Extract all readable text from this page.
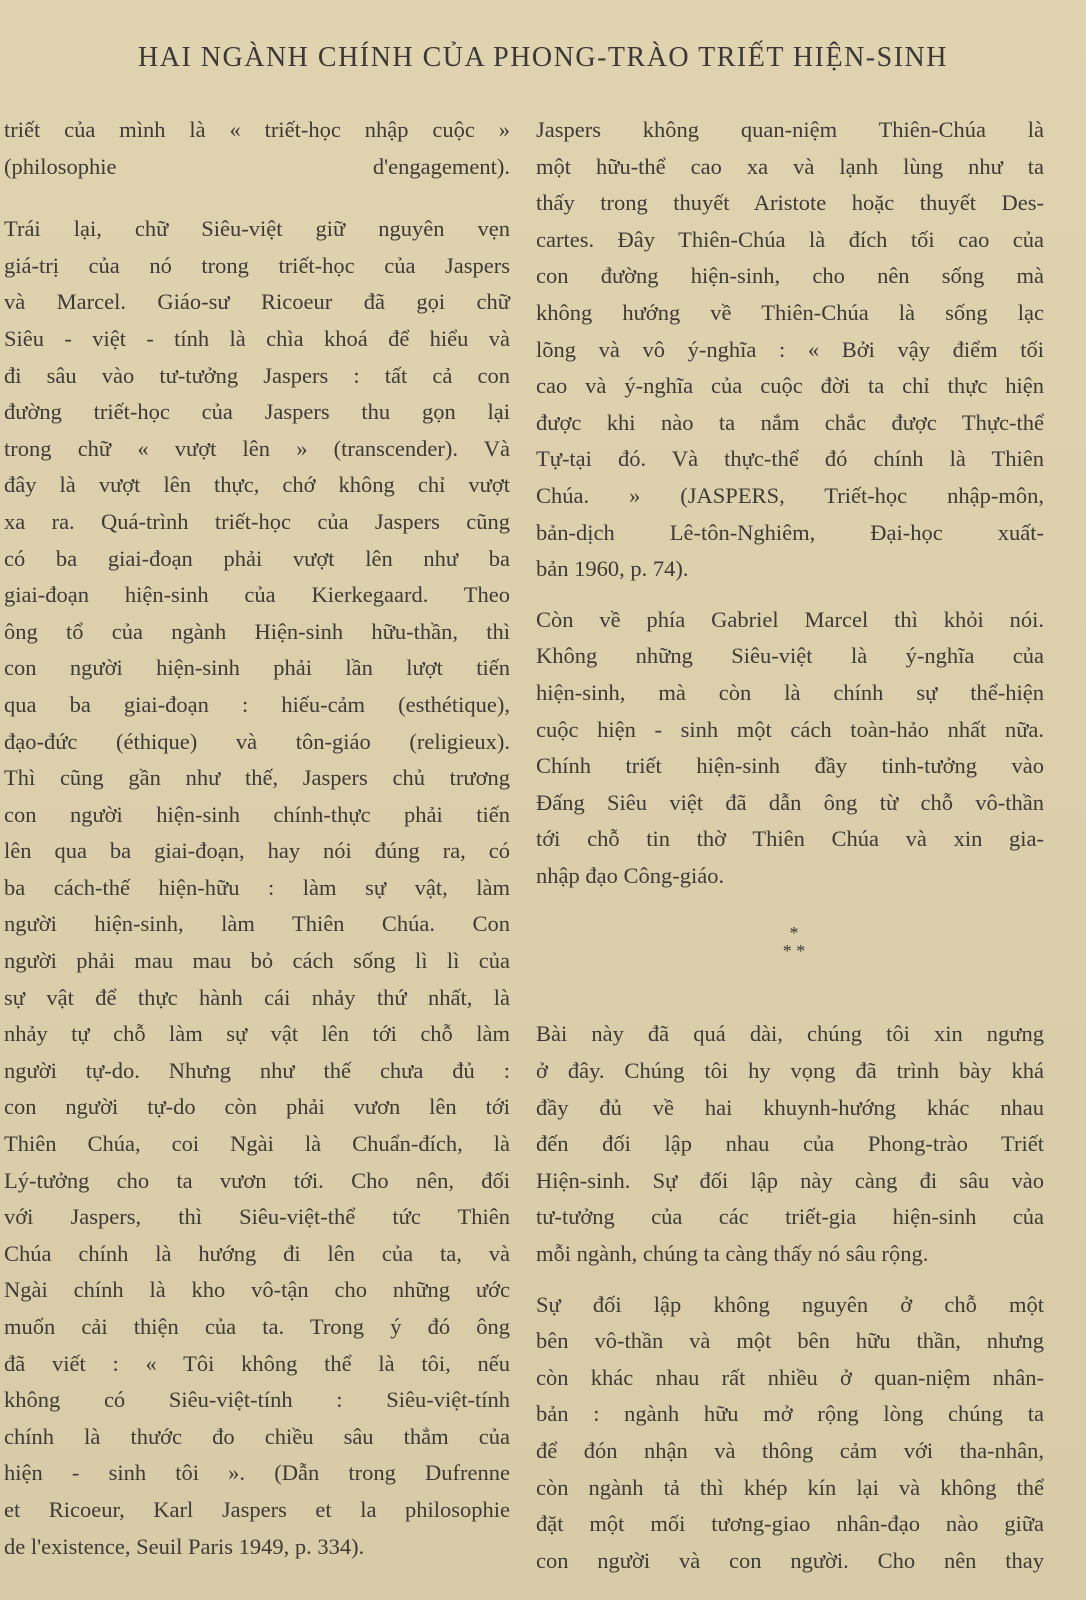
HAI NGÀNH CHÍNH CỦA PHONG-TRÀO TRIẾT HIỆN-SINH
triết của mình là « triết-học nhập cuộc »
(philosophie d'engagement).
Trái lại, chữ Siêu-việt giữ nguyên vẹn
giá-trị của nó trong triết-học của Jaspers
và Marcel. Giáo-sư Ricoeur đã gọi chữ
Siêu - việt - tính là chìa khoá để hiểu và
đi sâu vào tư-tưởng Jaspers : tất cả con
đường triết-học của Jaspers thu gọn lại
trong chữ « vượt lên » (transcender). Và
đây là vượt lên thực, chớ không chỉ vượt
xa ra. Quá-trình triết-học của Jaspers cũng
có ba giai-đoạn phải vượt lên như ba
giai-đoạn hiện-sinh của Kierkegaard. Theo
ông tổ của ngành Hiện-sinh hữu-thần, thì
con người hiện-sinh phải lần lượt tiến
qua ba giai-đoạn : hiếu-cảm (esthétique),
đạo-đức (éthique) và tôn-giáo (religieux).
Thì cũng gần như thế, Jaspers chủ trương
con người hiện-sinh chính-thực phải tiến
lên qua ba giai-đoạn, hay nói đúng ra, có
ba cách-thế hiện-hữu : làm sự vật, làm
người hiện-sinh, làm Thiên Chúa. Con
người phải mau mau bỏ cách sống lì lì của
sự vật để thực hành cái nhảy thứ nhất, là
nhảy tự chỗ làm sự vật lên tới chỗ làm
người tự-do. Nhưng như thế chưa đủ :
con người tự-do còn phải vươn lên tới
Thiên Chúa, coi Ngài là Chuẩn-đích, là
Lý-tưởng cho ta vươn tới. Cho nên, đối
với Jaspers, thì Siêu-việt-thể tức Thiên
Chúa chính là hướng đi lên của ta, và
Ngài chính là kho vô-tận cho những ước
muốn cải thiện của ta. Trong ý đó ông
đã viết : « Tôi không thể là tôi, nếu
không có Siêu-việt-tính : Siêu-việt-tính
chính là thước đo chiều sâu thẳm của
hiện - sinh tôi ». (Dẫn trong Dufrenne
et Ricoeur, Karl Jaspers et la philosophie
de l'existence, Seuil Paris 1949, p. 334).
Jaspers không quan-niệm Thiên-Chúa là
một hữu-thể cao xa và lạnh lùng như ta
thấy trong thuyết Aristote hoặc thuyết Des-
cartes. Đây Thiên-Chúa là đích tối cao của
con đường hiện-sinh, cho nên sống mà
không hướng về Thiên-Chúa là sống lạc
lõng và vô ý-nghĩa : « Bởi vậy điểm tối
cao và ý-nghĩa của cuộc đời ta chỉ thực hiện
được khi nào ta nắm chắc được Thực-thể
Tự-tại đó. Và thực-thể đó chính là Thiên
Chúa. » (JASPERS, Triết-học nhập-môn,
bản-dịch Lê-tôn-Nghiêm, Đại-học xuất-
bản 1960, p. 74).
Còn về phía Gabriel Marcel thì khỏi nói.
Không những Siêu-việt là ý-nghĩa của
hiện-sinh, mà còn là chính sự thể-hiện
cuộc hiện - sinh một cách toàn-hảo nhất nữa.
Chính triết hiện-sinh đầy tinh-tưởng vào
Đấng Siêu việt đã dẫn ông từ chỗ vô-thần
tới chỗ tin thờ Thiên Chúa và xin gia-
nhập đạo Công-giáo.
*
* *
Bài này đã quá dài, chúng tôi xin ngưng
ở đây. Chúng tôi hy vọng đã trình bày khá
đầy đủ về hai khuynh-hướng khác nhau
đến đối lập nhau của Phong-trào Triết
Hiện-sinh. Sự đối lập này càng đi sâu vào
tư-tưởng của các triết-gia hiện-sinh của
mỗi ngành, chúng ta càng thấy nó sâu rộng.
Sự đối lập không nguyên ở chỗ một
bên vô-thần và một bên hữu thần, nhưng
còn khác nhau rất nhiều ở quan-niệm nhân-
bản : ngành hữu mở rộng lòng chúng ta
để đón nhận và thông cảm với tha-nhân,
còn ngành tả thì khép kín lại và không thể
đặt một mối tương-giao nhân-đạo nào giữa
con người và con người. Cho nên thay
